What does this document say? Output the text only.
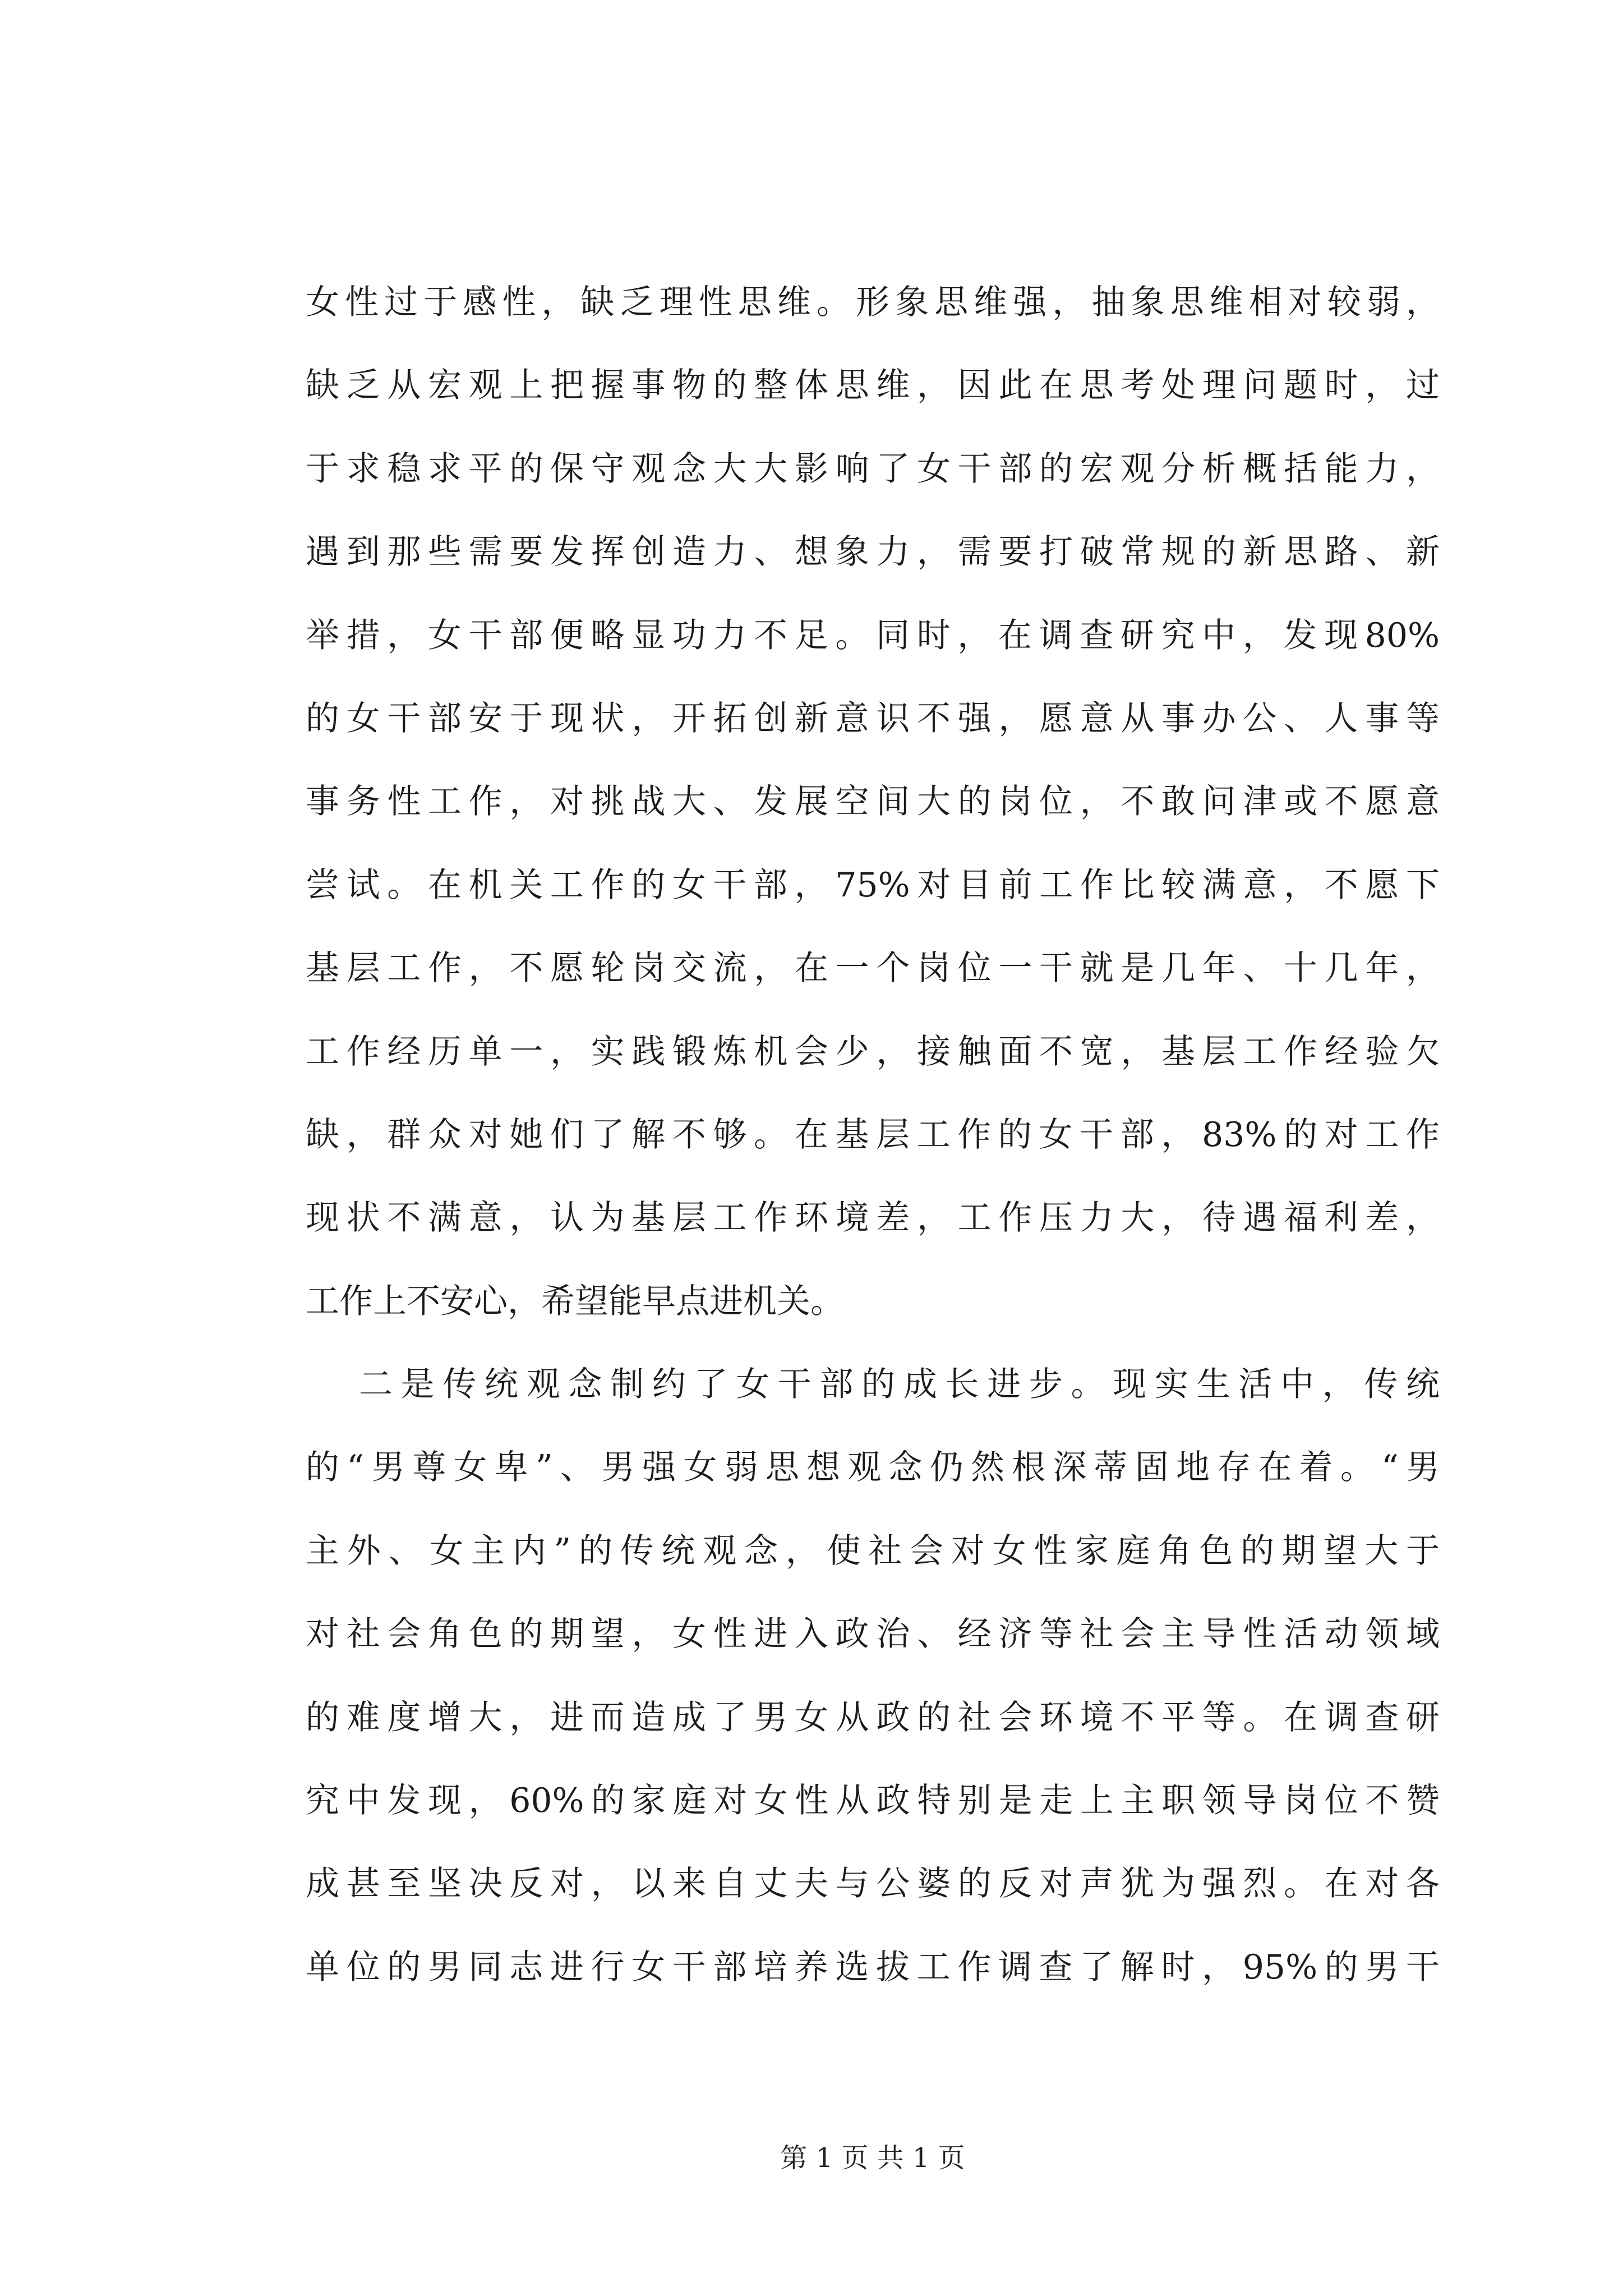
女性过于感性，缺乏理性思维。形象思维强，抽象思维相对较弱，
缺乏从宏观上把握事物的整体思维，因此在思考处理问题时，过
于求稳求平的保守观念大大影响了女干部的宏观分析概括能力，
遇到那些需要发挥创造力、想象力，需要打破常规的新思路、新
举措，女干部便略显功力不足。同时，在调查研究中，发现80%
的女干部安于现状，开拓创新意识不强，愿意从事办公、人事等
事务性工作，对挑战大、发展空间大的岗位，不敢问津或不愿意
尝试。在机关工作的女干部，75%对目前工作比较满意，不愿下
基层工作，不愿轮岗交流，在一个岗位一干就是几年、十几年，
工作经历单一，实践锻炼机会少，接触面不宽，基层工作经验欠
缺，群众对她们了解不够。在基层工作的女干部，83%的对工作
现状不满意，认为基层工作环境差，工作压力大，待遇福利差，
工作上不安心，希望能早点进机关。
二是传统观念制约了女干部的成长进步。现实生活中，传统
的“男尊女卑”、男强女弱思想观念仍然根深蒂固地存在着。“男
主外、女主内”的传统观念，使社会对女性家庭角色的期望大于
对社会角色的期望，女性进入政治、经济等社会主导性活动领域
的难度增大，进而造成了男女从政的社会环境不平等。在调查研
究中发现，60%的家庭对女性从政特别是走上主职领导岗位不赞
成甚至坚决反对，以来自丈夫与公婆的反对声犹为强烈。在对各
单位的男同志进行女干部培养选拔工作调查了解时，95%的男干
第 1 页 共 1 页
